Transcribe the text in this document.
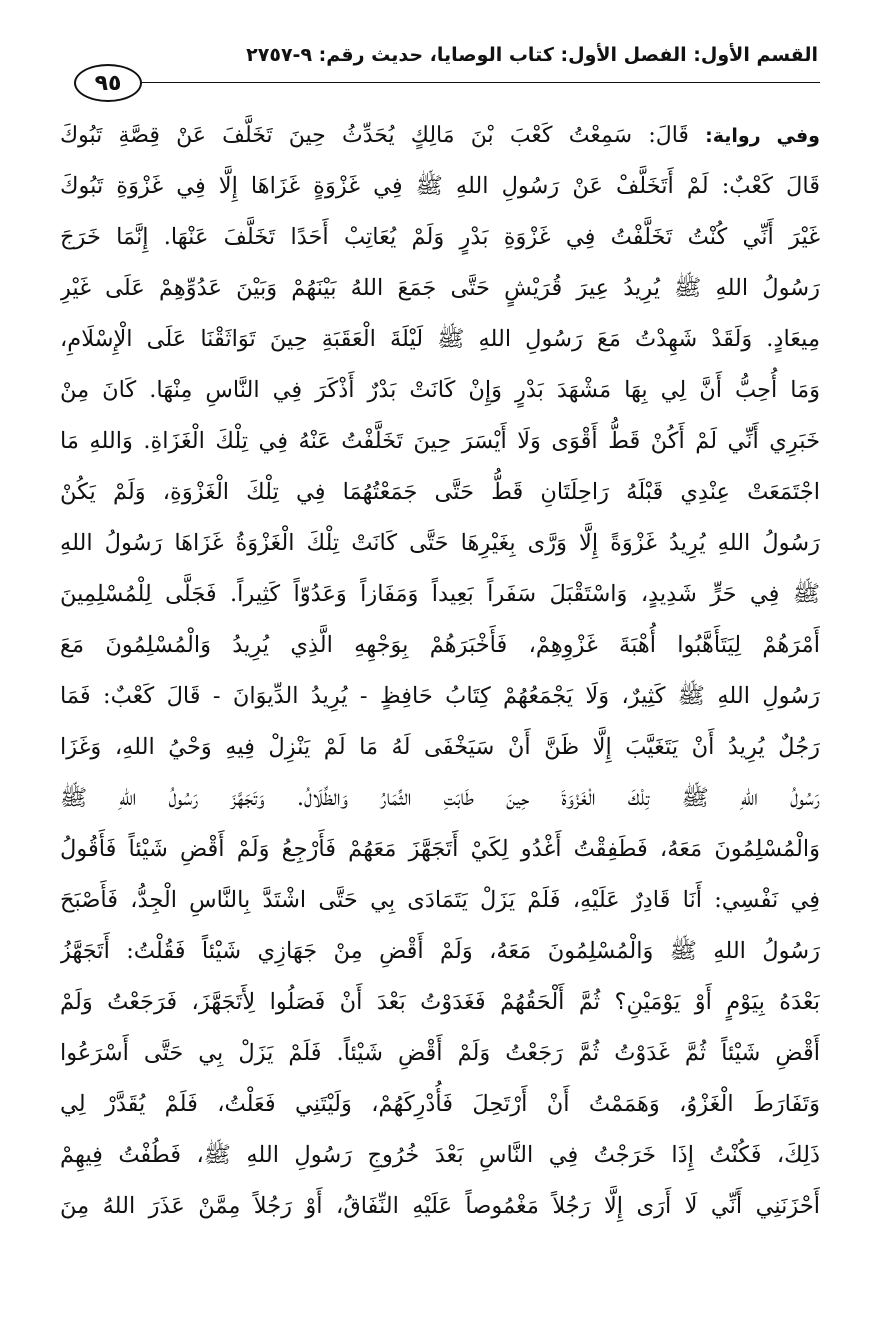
القسم الأول: الفصل الأول: كتاب الوصايا، حديث رقم: ٩-٢٧٥٧
٩٥
وفي رواية: قَالَ: سَمِعْتُ كَعْبَ بْنَ مَالِكٍ يُحَدِّثُ حِينَ تَخَلَّفَ عَنْ قِصَّةِ تَبُوكَ
قَالَ كَعْبٌ: لَمْ أَتَخَلَّفْ عَنْ رَسُولِ اللهِ ﷺ فِي غَزْوَةٍ غَزَاهَا إِلَّا فِي غَزْوَةِ تَبُوكَ
غَيْرَ أَنِّي كُنْتُ تَخَلَّفْتُ فِي غَزْوَةِ بَدْرٍ وَلَمْ يُعَاتِبْ أَحَدًا تَخَلَّفَ عَنْهَا. إِنَّمَا خَرَجَ
رَسُولُ اللهِ ﷺ يُرِيدُ عِيرَ قُرَيْشٍ حَتَّى جَمَعَ اللهُ بَيْنَهُمْ وَبَيْنَ عَدُوِّهِمْ عَلَى غَيْرِ
مِيعَادٍ. وَلَقَدْ شَهِدْتُ مَعَ رَسُولِ اللهِ ﷺ لَيْلَةَ الْعَقَبَةِ حِينَ تَوَاثَقْنَا عَلَى الْإِسْلَامِ،
وَمَا أُحِبُّ أَنَّ لِي بِهَا مَشْهَدَ بَدْرٍ وَإِنْ كَانَتْ بَدْرٌ أَذْكَرَ فِي النَّاسِ مِنْهَا. كَانَ مِنْ
خَبَرِي أَنِّي لَمْ أَكُنْ قَطُّ أَقْوَى وَلَا أَيْسَرَ حِينَ تَخَلَّفْتُ عَنْهُ فِي تِلْكَ الْغَزَاةِ. وَاللهِ مَا
اجْتَمَعَتْ عِنْدِي قَبْلَهُ رَاحِلَتَانِ قَطُّ حَتَّى جَمَعْتُهُمَا فِي تِلْكَ الْغَزْوَةِ، وَلَمْ يَكُنْ
رَسُولُ اللهِ يُرِيدُ غَزْوَةً إِلَّا وَرَّى بِغَيْرِهَا حَتَّى كَانَتْ تِلْكَ الْغَزْوَةُ غَزَاهَا رَسُولُ اللهِ
ﷺ فِي حَرٍّ شَدِيدٍ، وَاسْتَقْبَلَ سَفَراً بَعِيداً وَمَفَازاً وَعَدُوّاً كَثِيراً. فَجَلَّى لِلْمُسْلِمِينَ
أَمْرَهُمْ لِيَتَأَهَّبُوا أُهْبَةَ غَزْوِهِمْ، فَأَخْبَرَهُمْ بِوَجْهِهِ الَّذِي يُرِيدُ وَالْمُسْلِمُونَ مَعَ
رَسُولِ اللهِ ﷺ كَثِيرٌ، وَلَا يَجْمَعُهُمْ كِتَابُ حَافِظٍ - يُرِيدُ الدِّيوَانَ - قَالَ كَعْبٌ: فَمَا
رَجُلٌ يُرِيدُ أَنْ يَتَغَيَّبَ إِلَّا ظَنَّ أَنْ سَيَخْفَى لَهُ مَا لَمْ يَنْزِلْ فِيهِ وَحْيُ اللهِ، وَغَزَا
رَسُولُ اللهِ ﷺ تِلْكَ الْغَزْوَةَ حِينَ طَابَتِ الثِّمَارُ وَالظِّلَالُ. وَتَجَهَّزَ رَسُولُ اللهِ ﷺ
وَالْمُسْلِمُونَ مَعَهُ، فَطَفِقْتُ أَغْدُو لِكَيْ أَتَجَهَّزَ مَعَهُمْ فَأَرْجِعُ وَلَمْ أَقْضِ شَيْئاً فَأَقُولُ
فِي نَفْسِي: أَنَا قَادِرٌ عَلَيْهِ، فَلَمْ يَزَلْ يَتَمَادَى بِي حَتَّى اشْتَدَّ بِالنَّاسِ الْجِدُّ، فَأَصْبَحَ
رَسُولُ اللهِ ﷺ وَالْمُسْلِمُونَ مَعَهُ، وَلَمْ أَقْضِ مِنْ جَهَازِي شَيْئاً فَقُلْتُ: أَتَجَهَّزُ
بَعْدَهُ بِيَوْمٍ أَوْ يَوْمَيْنِ؟ ثُمَّ أَلْحَقُهُمْ فَغَدَوْتُ بَعْدَ أَنْ فَصَلُوا لِأَتَجَهَّزَ، فَرَجَعْتُ وَلَمْ
أَقْضِ شَيْئاً ثُمَّ غَدَوْتُ ثُمَّ رَجَعْتُ وَلَمْ أَقْضِ شَيْئاً. فَلَمْ يَزَلْ بِي حَتَّى أَسْرَعُوا
وَتَفَارَطَ الْغَزْوُ، وَهَمَمْتُ أَنْ أَرْتَحِلَ فَأُدْرِكَهُمْ، وَلَيْتَنِي فَعَلْتُ، فَلَمْ يُقَدَّرْ لِي
ذَلِكَ، فَكُنْتُ إِذَا خَرَجْتُ فِي النَّاسِ بَعْدَ خُرُوجِ رَسُولِ اللهِ ﷺ، فَطُفْتُ فِيهِمْ
أَحْزَنَنِي أَنِّي لَا أَرَى إِلَّا رَجُلاً مَغْمُوصاً عَلَيْهِ النِّفَاقُ، أَوْ رَجُلاً مِمَّنْ عَذَرَ اللهُ مِنَ
